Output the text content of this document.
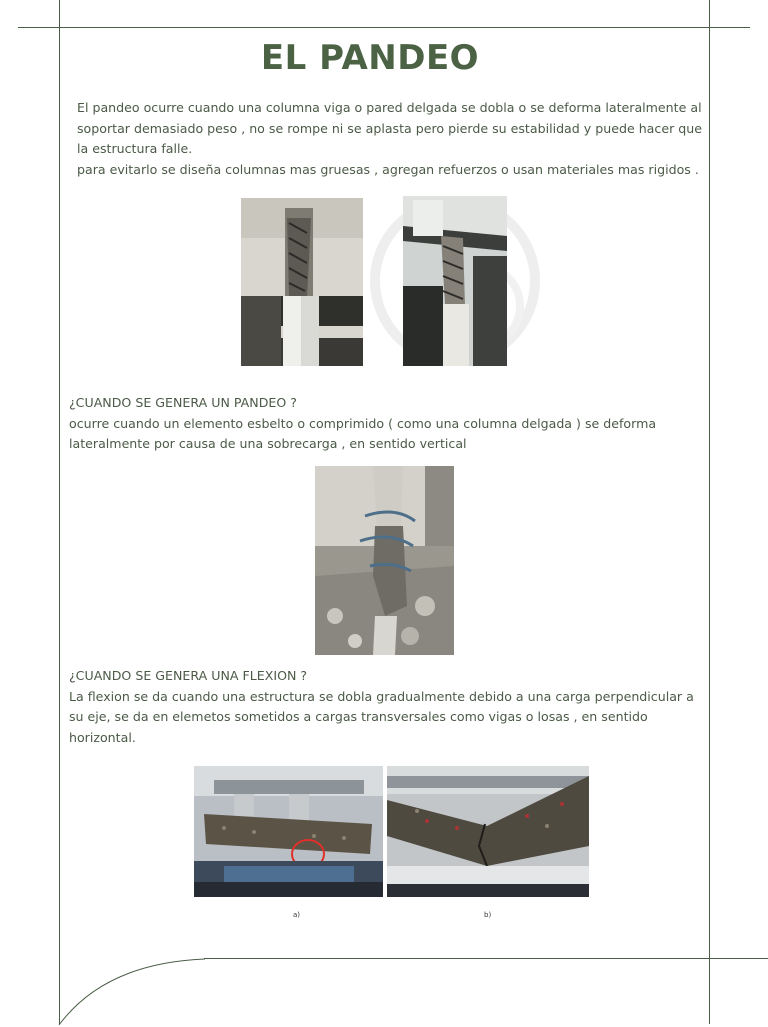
EL PANDEO
El pandeo ocurre cuando una columna viga o pared delgada se dobla o se deforma lateralmente al
soportar demasiado peso , no se rompe ni se aplasta pero pierde su estabilidad y puede hacer que
la estructura falle.
para evitarlo se diseña columnas mas gruesas , agregan refuerzos o usan materiales mas rigidos .
¿CUANDO SE GENERA UN PANDEO ?
ocurre cuando un elemento esbelto o comprimido ( como una columna delgada ) se deforma
lateralmente por causa de una sobrecarga , en sentido vertical
¿CUANDO SE GENERA UNA FLEXION ?
La flexion se da cuando una estructura se dobla gradualmente debido a una carga perpendicular a
su eje, se da en elemetos sometidos a cargas transversales como vigas o losas , en sentido
horizontal.
a)	b)
